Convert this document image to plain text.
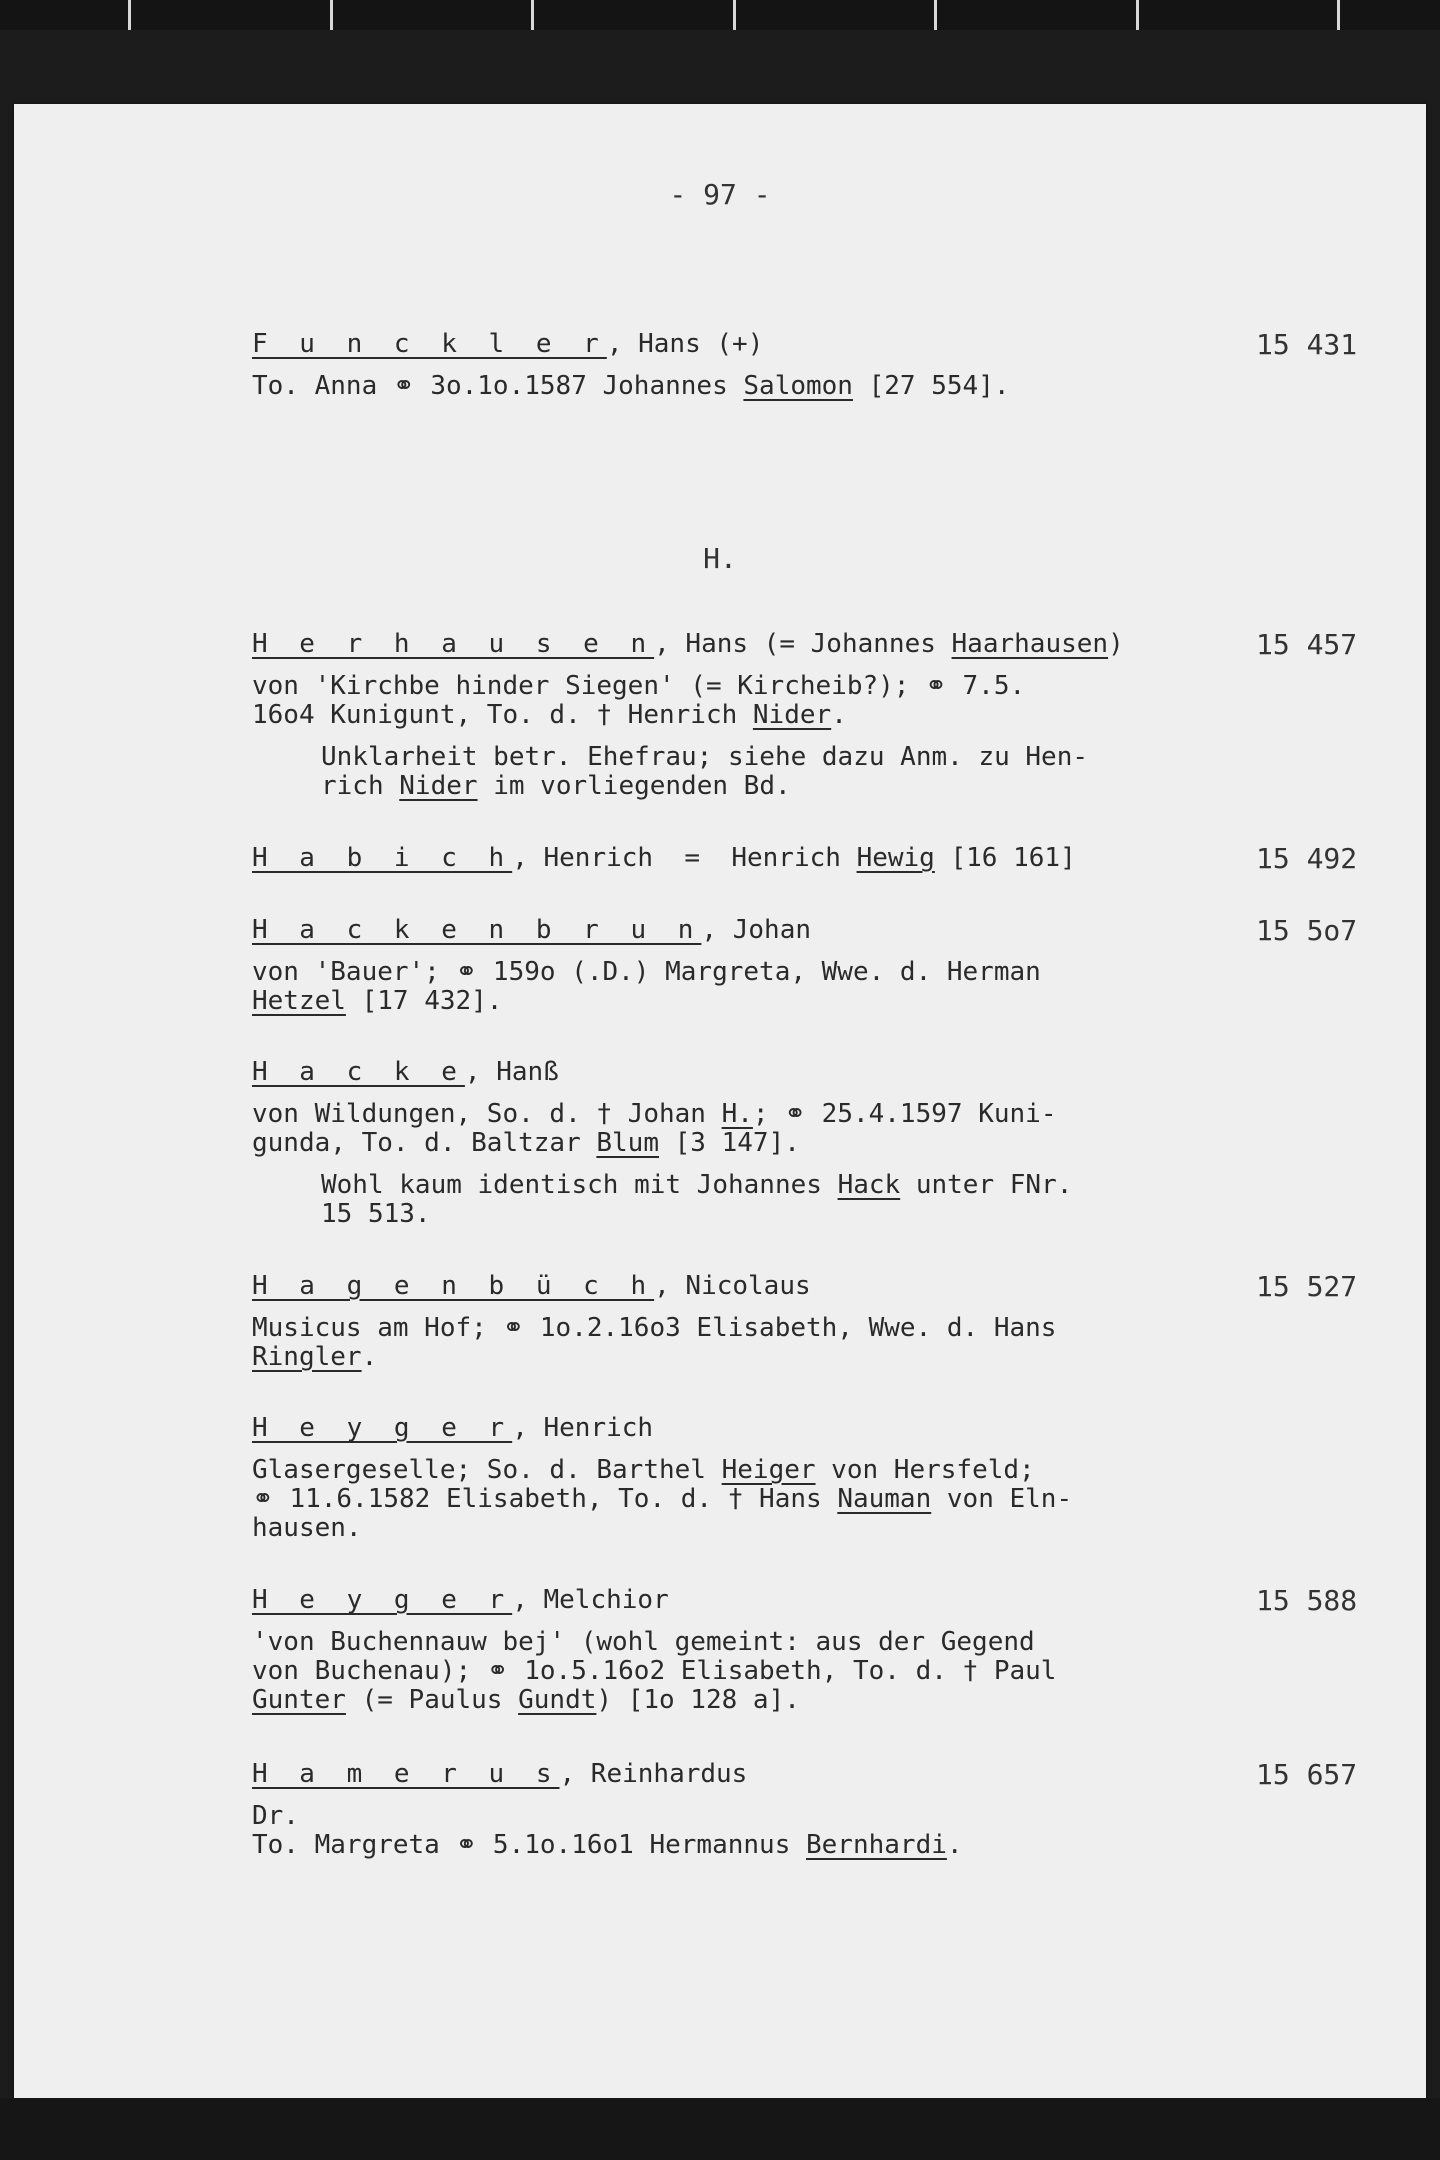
- 97 -
H.
F u n c k l e r, Hans (+)	15 431
To. Anna ⚭ 3o.1o.1587 Johannes Salomon [27 554].
H e r h a u s e n, Hans (= Johannes Haarhausen)	15 457
von 'Kirchbe hinder Siegen' (= Kircheib?); ⚭ 7.5.
16o4 Kunigunt, To. d. † Henrich Nider.
Unklarheit betr. Ehefrau; siehe dazu Anm. zu Hen-
rich Nider im vorliegenden Bd.
H a b i c h, Henrich  =  Henrich Hewig [16 161]	15 492
H a c k e n b r u n, Johan	15 5o7
von 'Bauer'; ⚭ 159o (.D.) Margreta, Wwe. d. Herman
Hetzel [17 432].
H a c k e, Hanß
von Wildungen, So. d. † Johan H.; ⚭ 25.4.1597 Kuni-
gunda, To. d. Baltzar Blum [3 147].
Wohl kaum identisch mit Johannes Hack unter FNr.
15 513.
H a g e n b ü c h, Nicolaus	15 527
Musicus am Hof; ⚭ 1o.2.16o3 Elisabeth, Wwe. d. Hans
Ringler.
H e y g e r, Henrich
Glasergeselle; So. d. Barthel Heiger von Hersfeld;
⚭ 11.6.1582 Elisabeth, To. d. † Hans Nauman von Eln-
hausen.
H e y g e r, Melchior	15 588
'von Buchennauw bej' (wohl gemeint: aus der Gegend
von Buchenau); ⚭ 1o.5.16o2 Elisabeth, To. d. † Paul
Gunter (= Paulus Gundt) [1o 128 a].
H a m e r u s, Reinhardus	15 657
Dr.
To. Margreta ⚭ 5.1o.16o1 Hermannus Bernhardi.
